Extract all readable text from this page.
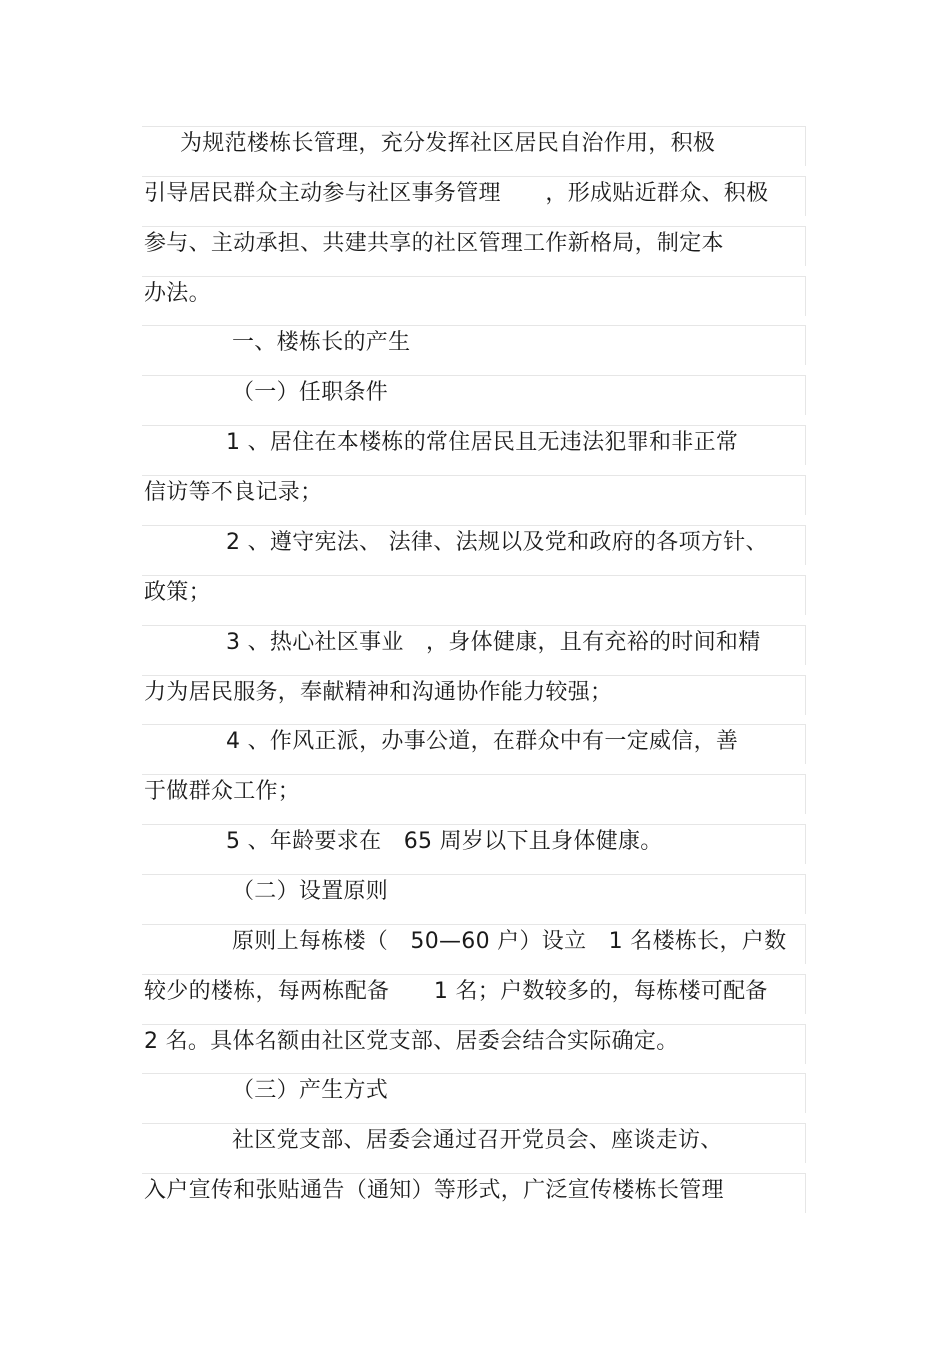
为规范楼栋长管理，充分发挥社区居民自治作用，积极
引导居民群众主动参与社区事务管理　　，形成贴近群众、积极
参与、主动承担、共建共享的社区管理工作新格局，制定本
办法。
一、楼栋长的产生
（一）任职条件
1 、居住在本楼栋的常住居民且无违法犯罪和非正常
信访等不良记录；
2 、遵守宪法、 法律、法规以及党和政府的各项方针、
政策；
3 、热心社区事业　，身体健康，且有充裕的时间和精
力为居民服务，奉献精神和沟通协作能力较强；
4 、作风正派，办事公道，在群众中有一定威信，善
于做群众工作；
5 、年龄要求在　65 周岁以下且身体健康。
（二）设置原则
原则上每栋楼（　50—60 户）设立　1 名楼栋长，户数
较少的楼栋，每两栋配备　　1 名；户数较多的，每栋楼可配备
2 名。具体名额由社区党支部、居委会结合实际确定。
（三）产生方式
社区党支部、居委会通过召开党员会、座谈走访、
入户宣传和张贴通告（通知）等形式，广泛宣传楼栋长管理
